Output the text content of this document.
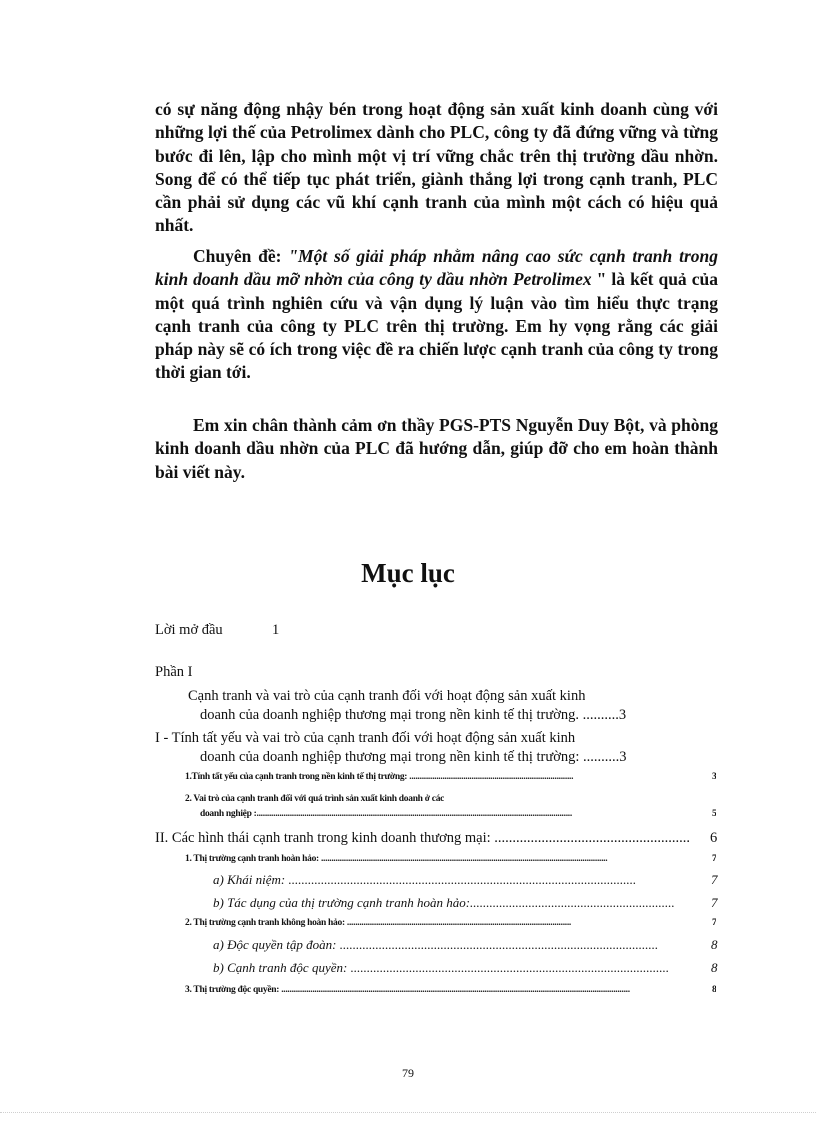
có sự năng động nhậy bén trong hoạt động sản xuất kinh doanh cùng với những lợi thế của Petrolimex dành cho PLC, công ty đã đứng vững và từng bước đi lên, lập cho mình một vị trí vững chắc trên thị trường dầu nhờn. Song để có thể tiếp tục phát triển, giành thắng lợi trong cạnh tranh, PLC cần phải sử dụng các vũ khí cạnh tranh của mình một cách có hiệu quả nhất.

Chuyên đề: "Một số giải pháp nhằm nâng cao sức cạnh tranh trong kinh doanh dầu mỡ nhờn của công ty dầu nhờn Petrolimex " là kết quả của một quá trình nghiên cứu và vận dụng lý luận vào tìm hiểu thực trạng cạnh tranh của công ty PLC trên thị trường. Em hy vọng rằng các giải pháp này sẽ có ích trong việc đề ra chiến lược cạnh tranh của công ty trong thời gian tới.

Em xin chân thành cảm ơn thầy PGS-PTS Nguyễn Duy Bột, và phòng kinh doanh dầu nhờn của PLC đã hướng dẫn, giúp đỡ cho em hoàn thành bài viết này.

Mục lục

Lời mở đầu	1

Phần I

Cạnh tranh và vai trò của cạnh tranh đối với hoạt động sản xuất kinh

doanh của doanh nghiệp thương mại trong nền kinh tế thị trường. ..........3

I - Tính tất yếu và vai trò của cạnh tranh đối với hoạt động sản xuất kinh

doanh của doanh nghiệp thương mại trong nền kinh tế thị trường: ..........3

1.Tính tất yếu của cạnh tranh trong nền kinh tế thị trường: ...............................................................................	3

2. Vai trò của cạnh tranh đối với quá trình sản xuất kinh doanh ở các

doanh nghiệp :........................................................................................................................................................	5

II. Các hình thái cạnh tranh trong kinh doanh thương mại: ......................................................	6

1. Thị trường cạnh tranh hoàn hảo: ..........................................................................................................................................	7

a) Khái niệm: ...........................................................................................................	7

b) Tác dụng của thị trường cạnh tranh hoàn hảo:...............................................................	7

2. Thị trường cạnh tranh không hoàn hảo: ............................................................................................................	7

a) Độc quyền tập đoàn: ..................................................................................................	8

b) Cạnh tranh độc quyền: ..................................................................................................	8

3. Thị trường độc quyền: ........................................................................................................................................................................	8

79
